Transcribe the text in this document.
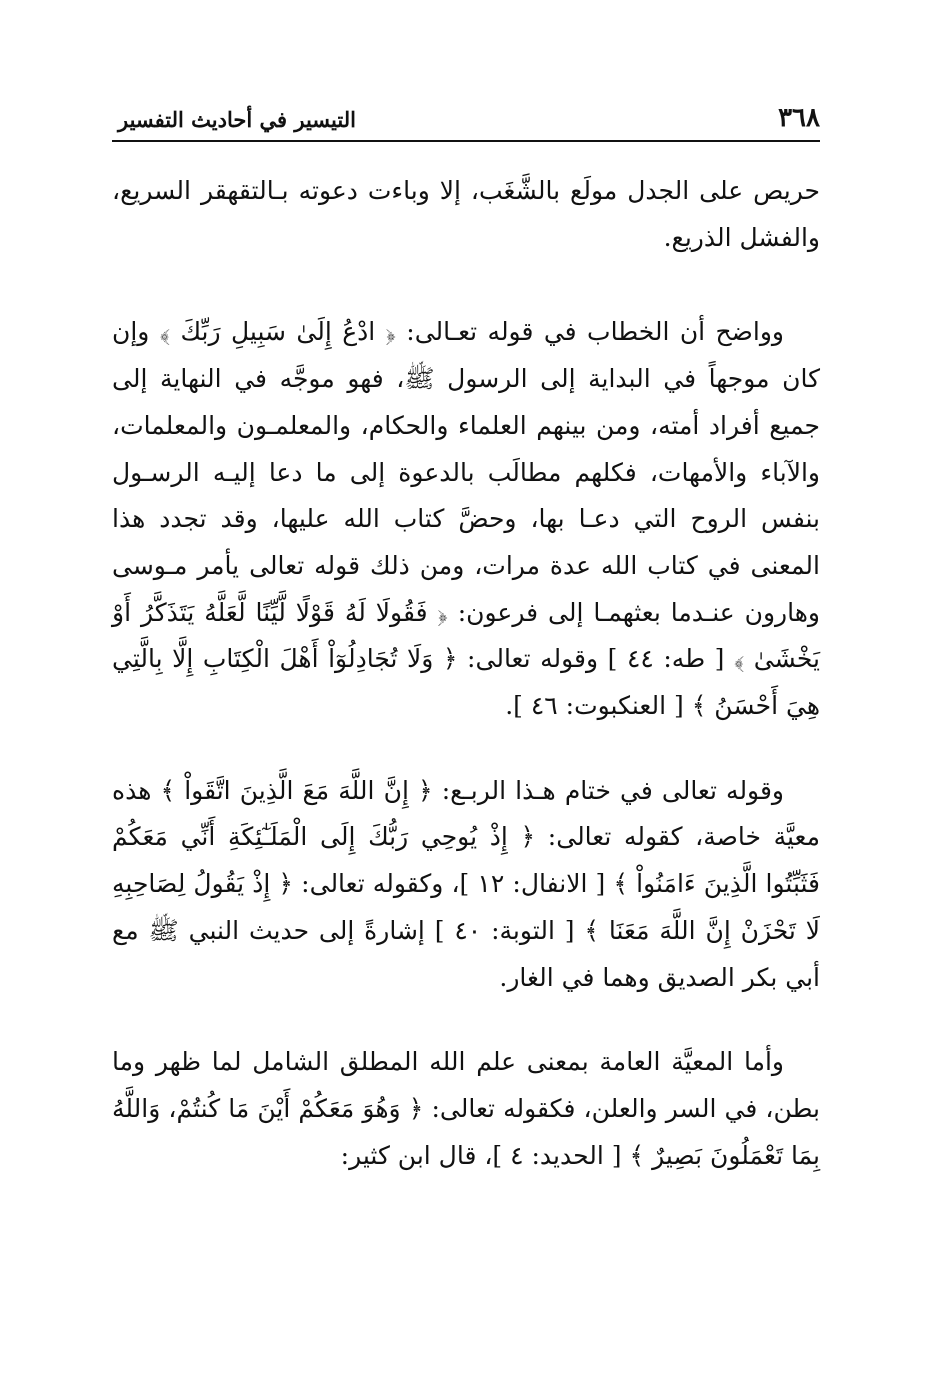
٣٦٨
التيسير في أحاديث التفسير

حريص على الجدل مولَع بالشَّغَب، إلا وباءت دعوته بـالتقهقر السريع، والفشل الذريع.

وواضح أن الخطاب في قوله تعـالى: ﴿ ادْعُ إِلَىٰ سَبِيلِ رَبِّكَ ﴾ وإن كان موجهاً في البداية إلى الرسول ﷺ، فهو موجَّه في النهاية إلى جميع أفراد أمته، ومن بينهم العلماء والحكام، والمعلمـون والمعلمات، والآباء والأمهات، فكلهم مطالَب بالدعوة إلى ما دعا إليـه الرسـول بنفس الروح التي دعـا بها، وحضَّ كتاب الله عليها، وقد تجدد هذا المعنى في كتاب الله عدة مرات، ومن ذلك قوله تعالى يأمر مـوسى وهارون عنـدما بعثهمـا إلى فرعون: ﴿ فَقُولَا لَهُ قَوْلًا لَّيِّنًا لَّعَلَّهُ يَتَذَكَّرُ أَوْ يَخْشَىٰ ﴾ [ طه: ٤٤ ] وقوله تعالى: ﴿ وَلَا تُجَادِلُوٓاْ أَهْلَ الْكِتَابِ إِلَّا بِالَّتِي هِيَ أَحْسَنُ ﴾ [ العنكبوت: ٤٦ ].

وقوله تعالى في ختام هـذا الربـع: ﴿ إِنَّ اللَّهَ مَعَ الَّذِينَ اتَّقَواْ ﴾ هذه معيَّة خاصة، كقوله تعالى: ﴿ إِذْ يُوحِي رَبُّكَ إِلَى الْمَلَـٰٓئِكَةِ أَنِّي مَعَكُمْ فَثَبِّتُوا الَّذِينَ ءَامَنُواْ ﴾ [ الانفال: ١٢ ]، وكقوله تعالى: ﴿ إِذْ يَقُولُ لِصَاحِبِهِ لَا تَحْزَنْ إِنَّ اللَّهَ مَعَنَا ﴾ [ التوبة: ٤٠ ] إشارةً إلى حديث النبي ﷺ مع أبي بكر الصديق وهما في الغار.

وأما المعيَّة العامة بمعنى علم الله المطلق الشامل لما ظهر وما بطن، في السر والعلن، فكقوله تعالى: ﴿ وَهُوَ مَعَكُمْ أَيْنَ مَا كُنتُمْ، وَاللَّهُ بِمَا تَعْمَلُونَ بَصِيرٌ ﴾ [ الحديد: ٤ ]، قال ابن كثير:
